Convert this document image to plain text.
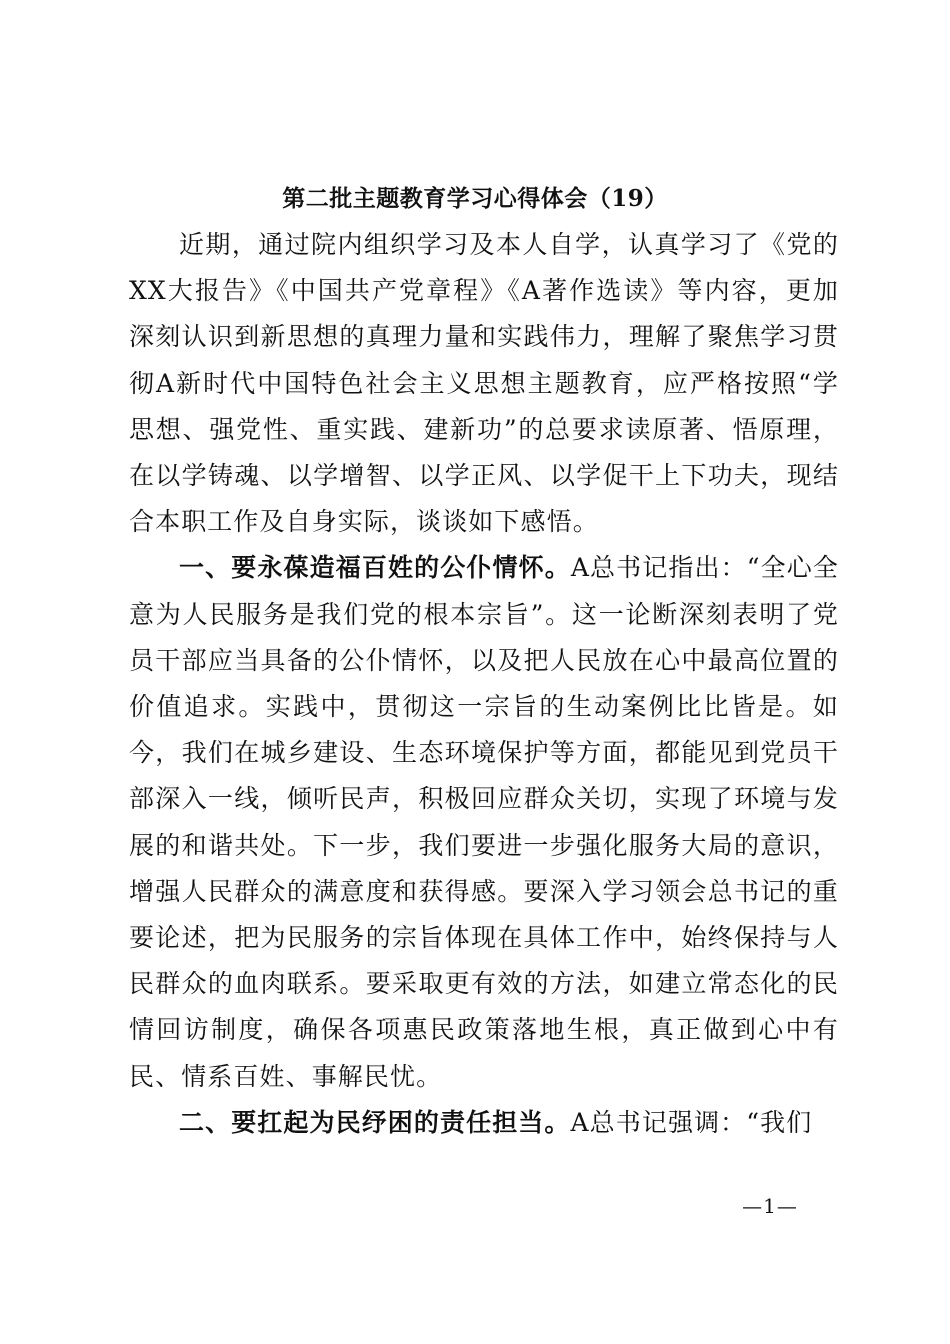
第二批主题教育学习心得体会（19）

近期，通过院内组织学习及本人自学，认真学习了《党的XX大报告》《中国共产党章程》《A著作选读》等内容，更加深刻认识到新思想的真理力量和实践伟力，理解了聚焦学习贯彻A新时代中国特色社会主义思想主题教育，应严格按照“学思想、强党性、重实践、建新功”的总要求读原著、悟原理，在以学铸魂、以学增智、以学正风、以学促干上下功夫，现结合本职工作及自身实际，谈谈如下感悟。

一、要永葆造福百姓的公仆情怀。A总书记指出：“全心全意为人民服务是我们党的根本宗旨”。这一论断深刻表明了党员干部应当具备的公仆情怀，以及把人民放在心中最高位置的价值追求。实践中，贯彻这一宗旨的生动案例比比皆是。如今，我们在城乡建设、生态环境保护等方面，都能见到党员干部深入一线，倾听民声，积极回应群众关切，实现了环境与发展的和谐共处。下一步，我们要进一步强化服务大局的意识，增强人民群众的满意度和获得感。要深入学习领会总书记的重要论述，把为民服务的宗旨体现在具体工作中，始终保持与人民群众的血肉联系。要采取更有效的方法，如建立常态化的民情回访制度，确保各项惠民政策落地生根，真正做到心中有民、情系百姓、事解民忧。

二、要扛起为民纾困的责任担当。A总书记强调：“我们

—1—
